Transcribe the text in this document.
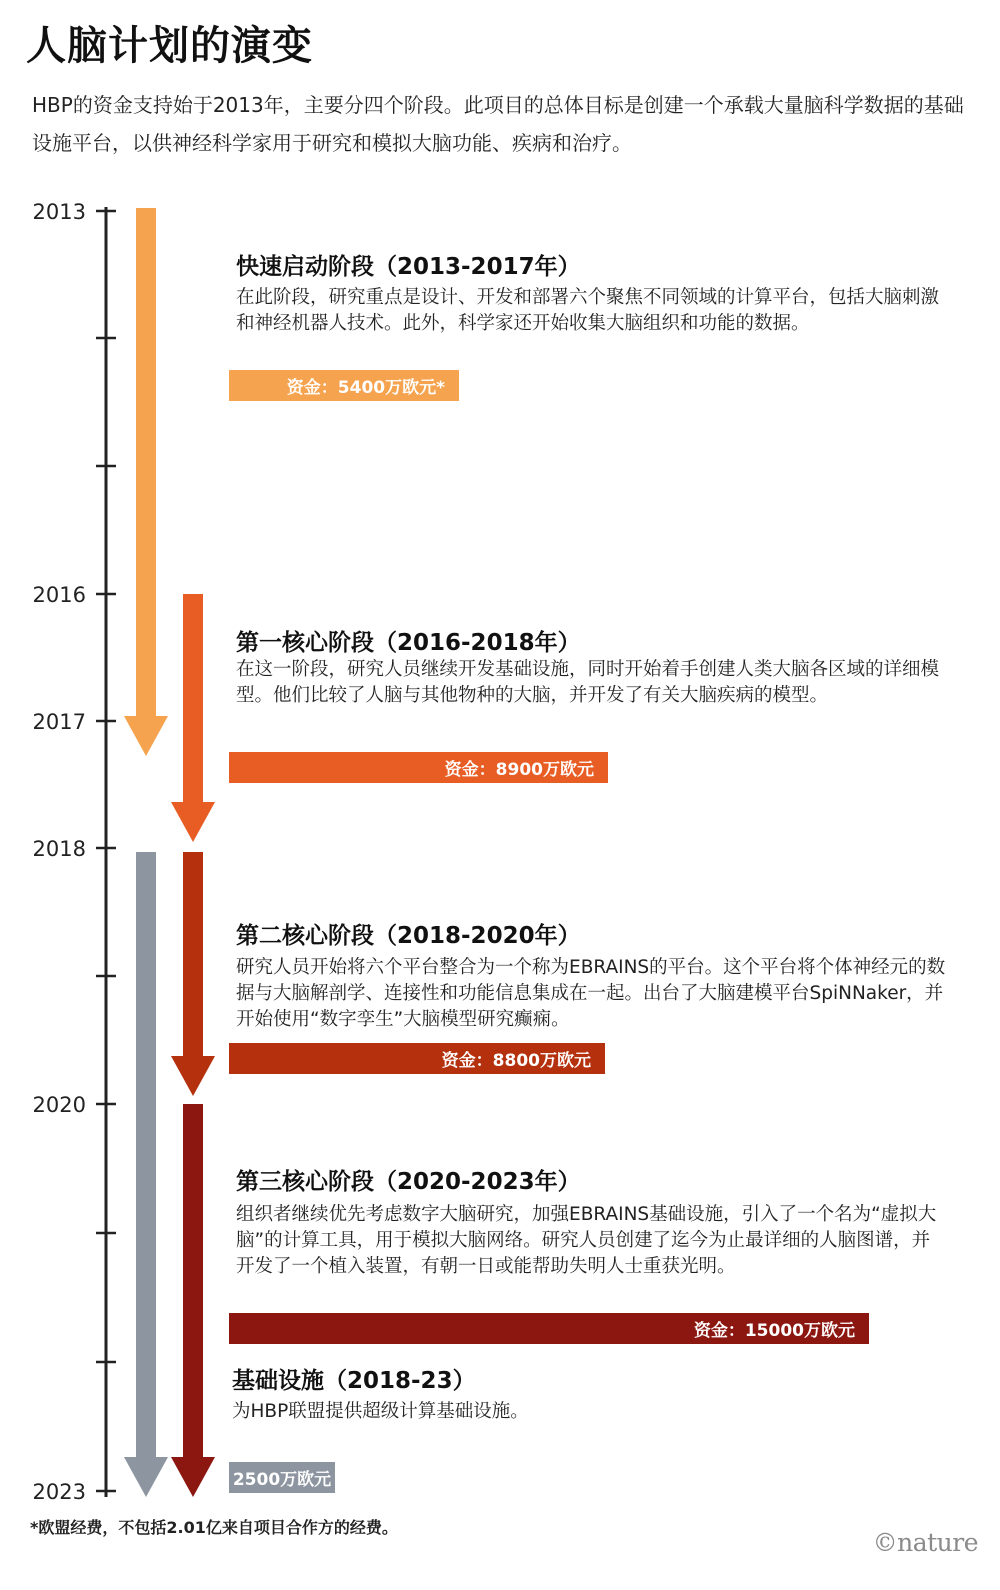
人脑计划的演变
HBP的资金支持始于2013年，主要分四个阶段。此项目的总体目标是创建一个承载大量脑科学数据的基础设施平台，以供神经科学家用于研究和模拟大脑功能、疾病和治疗。
2013
2016
2017
2018
2020
2023
快速启动阶段（2013-2017年）
在此阶段，研究重点是设计、开发和部署六个聚焦不同领域的计算平台，包括大脑刺激和神经机器人技术。此外，科学家还开始收集大脑组织和功能的数据。
资金：5400万欧元*
第一核心阶段（2016-2018年）
在这一阶段，研究人员继续开发基础设施，同时开始着手创建人类大脑各区域的详细模型。他们比较了人脑与其他物种的大脑，并开发了有关大脑疾病的模型。
资金：8900万欧元
第二核心阶段（2018-2020年）
研究人员开始将六个平台整合为一个称为EBRAINS的平台。这个平台将个体神经元的数据与大脑解剖学、连接性和功能信息集成在一起。出台了大脑建模平台SpiNNaker，并开始使用“数字孪生”大脑模型研究癫痫。
资金：8800万欧元
第三核心阶段（2020-2023年）
组织者继续优先考虑数字大脑研究，加强EBRAINS基础设施，引入了一个名为“虚拟大脑”的计算工具，用于模拟大脑网络。研究人员创建了迄今为止最详细的人脑图谱，并开发了一个植入装置，有朝一日或能帮助失明人士重获光明。
资金：15000万欧元
基础设施（2018-23）
为HBP联盟提供超级计算基础设施。
2500万欧元
*欧盟经费，不包括2.01亿来自项目合作方的经费。
©nature
